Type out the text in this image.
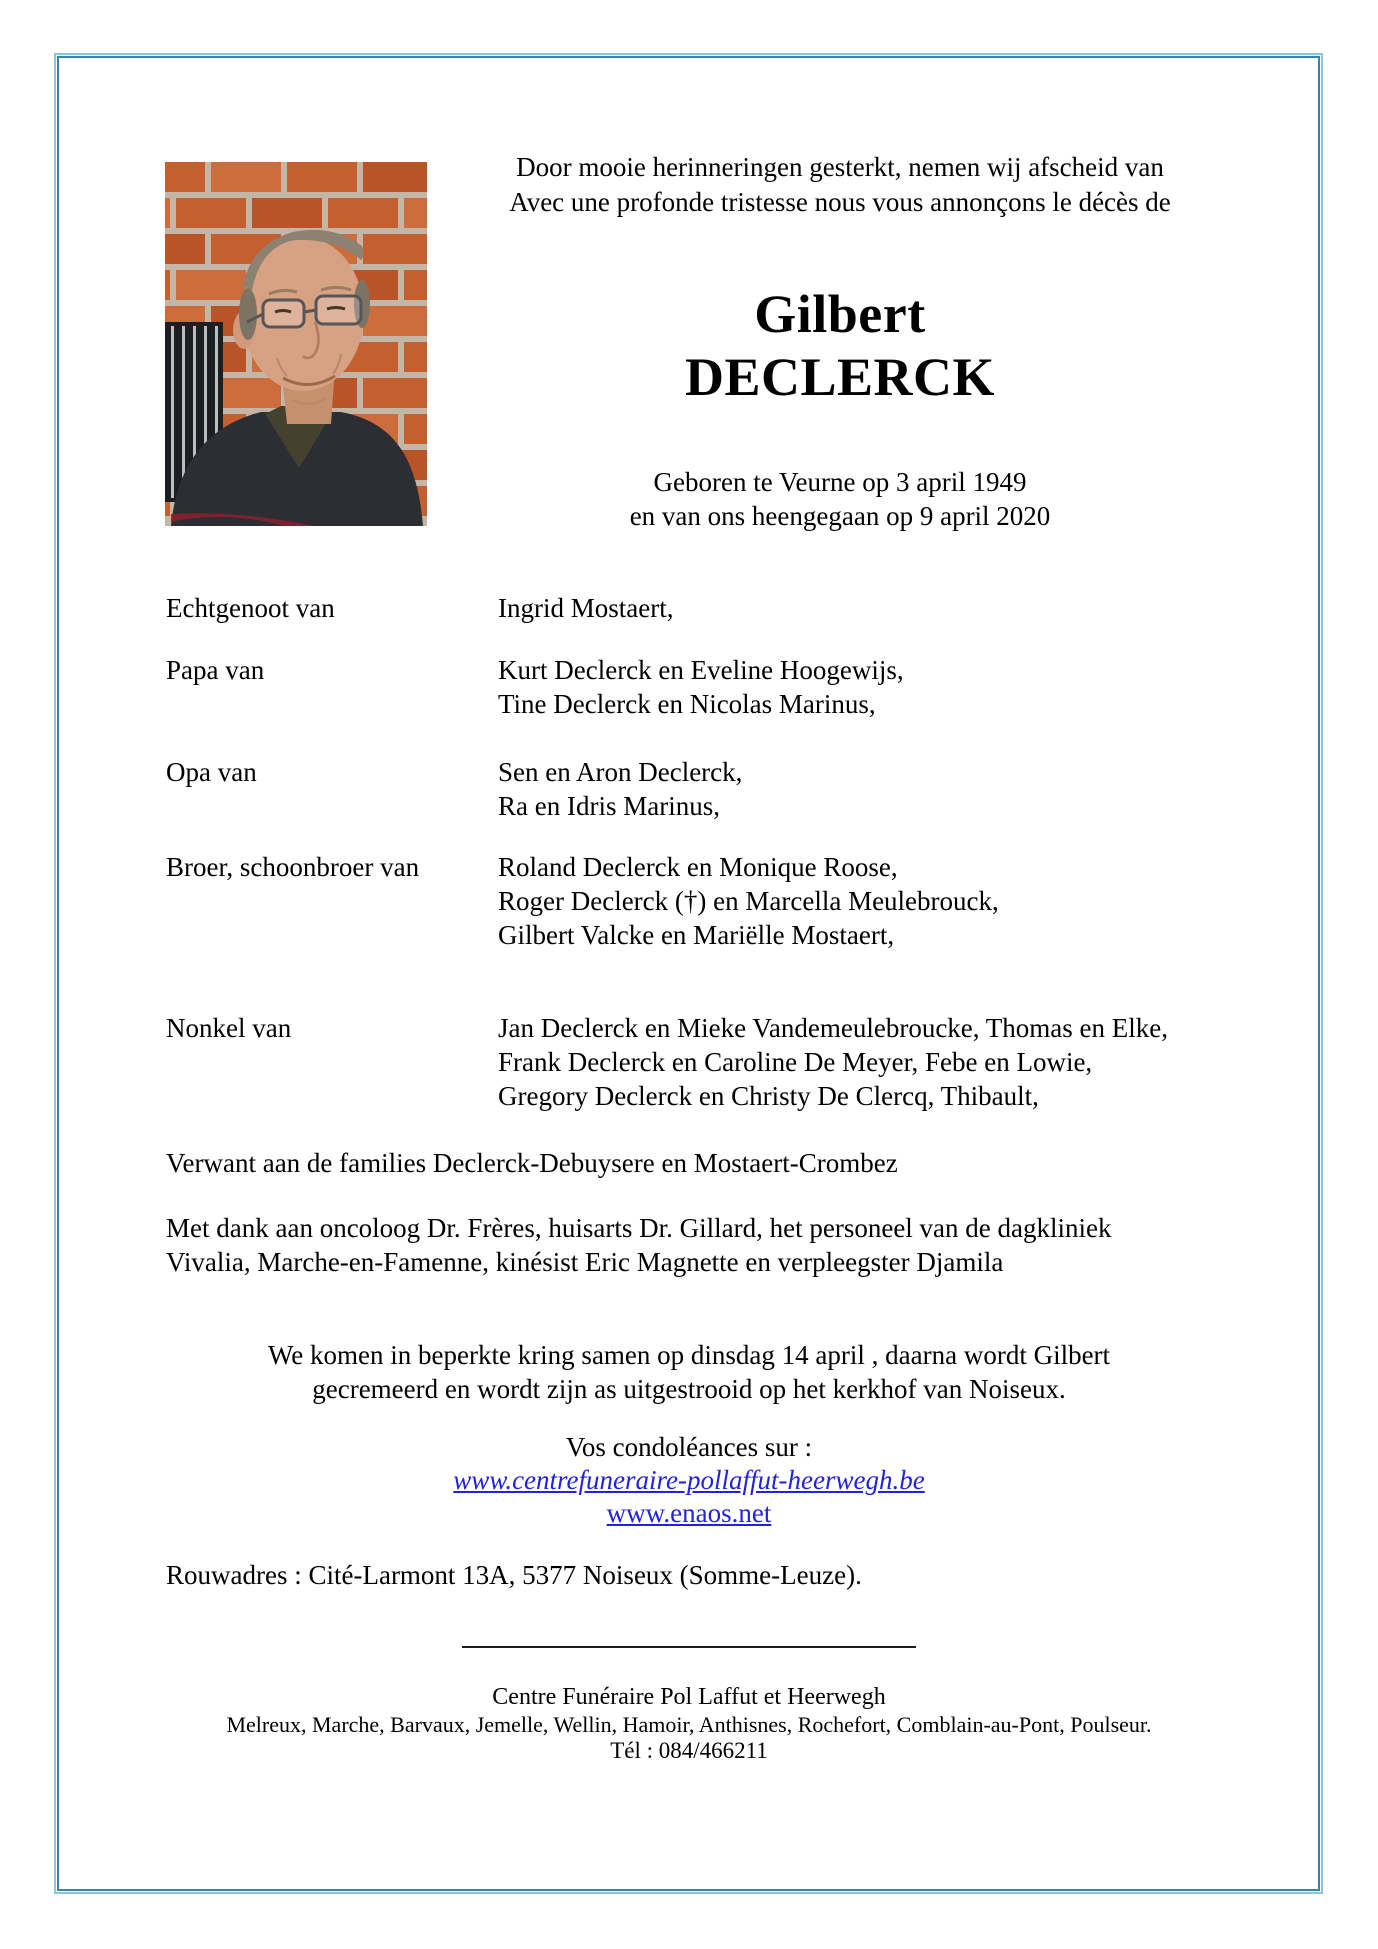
Door mooie herinneringen gesterkt, nemen wij afscheid van
Avec une profonde tristesse nous vous annonçons le décès de
Gilbert
DECLERCK
Geboren te Veurne op 3 april 1949
en van ons heengegaan op 9 april 2020
Echtgenoot van	Ingrid Mostaert,
Papa van	Kurt Declerck en Eveline Hoogewijs,
Tine Declerck en Nicolas Marinus,
Opa van	Sen en Aron Declerck,
Ra en Idris Marinus,
Broer, schoonbroer van	Roland Declerck en Monique Roose,
Roger Declerck (†) en Marcella Meulebrouck,
Gilbert Valcke en Mariëlle Mostaert,
Nonkel van	Jan Declerck en Mieke Vandemeulebroucke, Thomas en Elke,
Frank Declerck en Caroline De Meyer, Febe en Lowie,
Gregory Declerck en Christy De Clercq, Thibault,
Verwant aan de families Declerck-Debuysere en Mostaert-Crombez
Met dank aan oncoloog Dr. Frères, huisarts Dr. Gillard, het personeel van de dagkliniek
Vivalia, Marche-en-Famenne, kinésist Eric Magnette en verpleegster Djamila
We komen in beperkte kring samen op dinsdag 14 april , daarna wordt Gilbert
gecremeerd en wordt zijn as uitgestrooid op het kerkhof van Noiseux.
Vos condoléances sur :
www.centrefuneraire-pollaffut-heerwegh.be
www.enaos.net
Rouwadres : Cité-Larmont 13A, 5377 Noiseux (Somme-Leuze).
Centre Funéraire Pol Laffut et Heerwegh
Melreux, Marche, Barvaux, Jemelle, Wellin, Hamoir, Anthisnes, Rochefort, Comblain-au-Pont, Poulseur.
Tél : 084/466211
